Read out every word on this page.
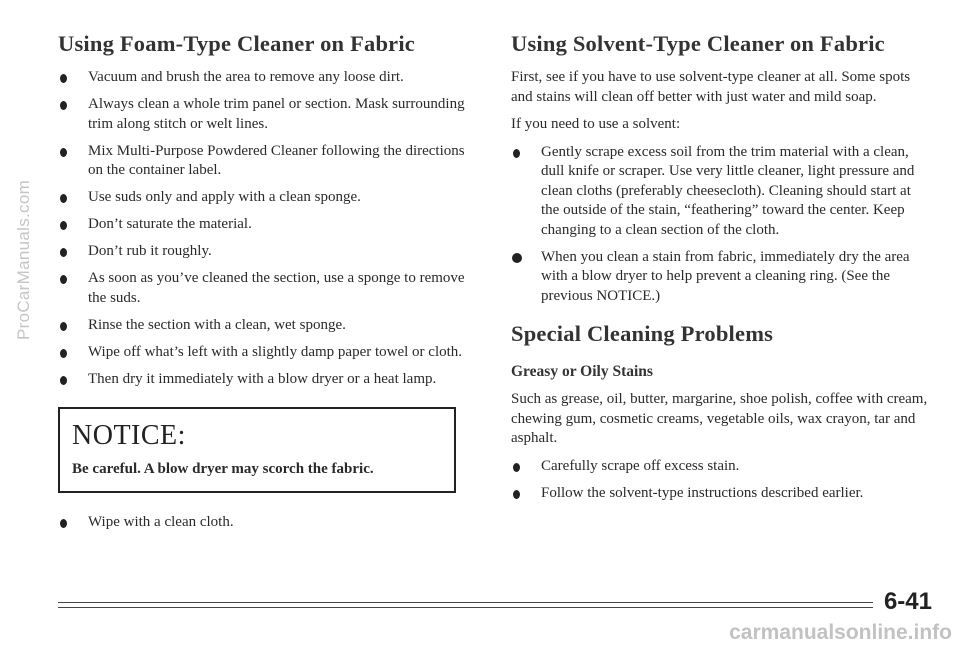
ProCarManuals.com
Using Foam-Type Cleaner on Fabric
Vacuum and brush the area to remove any loose dirt.
Always clean a whole trim panel or section. Mask surrounding trim along stitch or welt lines.
Mix Multi-Purpose Powdered Cleaner following the directions on the container label.
Use suds only and apply with a clean sponge.
Don’t saturate the material.
Don’t rub it roughly.
As soon as you’ve cleaned the section, use a sponge to remove the suds.
Rinse the section with a clean, wet sponge.
Wipe off what’s left with a slightly damp paper towel or cloth.
Then dry it immediately with a blow dryer or a heat lamp.
NOTICE:
Be careful. A blow dryer may scorch the fabric.
Wipe with a clean cloth.
Using Solvent-Type Cleaner on Fabric

First, see if you have to use solvent-type cleaner at all. Some spots and stains will clean off better with just water and mild soap.

If you need to use a solvent:

Gently scrape excess soil from the trim material with a clean, dull knife or scraper. Use very little cleaner, light pressure and clean cloths (preferably cheesecloth). Cleaning should start at the outside of the stain, “feathering” toward the center. Keep changing to a clean section of the cloth.
When you clean a stain from fabric, immediately dry the area with a blow dryer to help prevent a cleaning ring. (See the previous NOTICE.)
Special Cleaning Problems
Greasy or Oily Stains

Such as grease, oil, butter, margarine, shoe polish, coffee with cream, chewing gum, cosmetic creams, vegetable oils, wax crayon, tar and asphalt.

Carefully scrape off excess stain.
Follow the solvent-type instructions described earlier.
6-41
carmanualsonline.info
